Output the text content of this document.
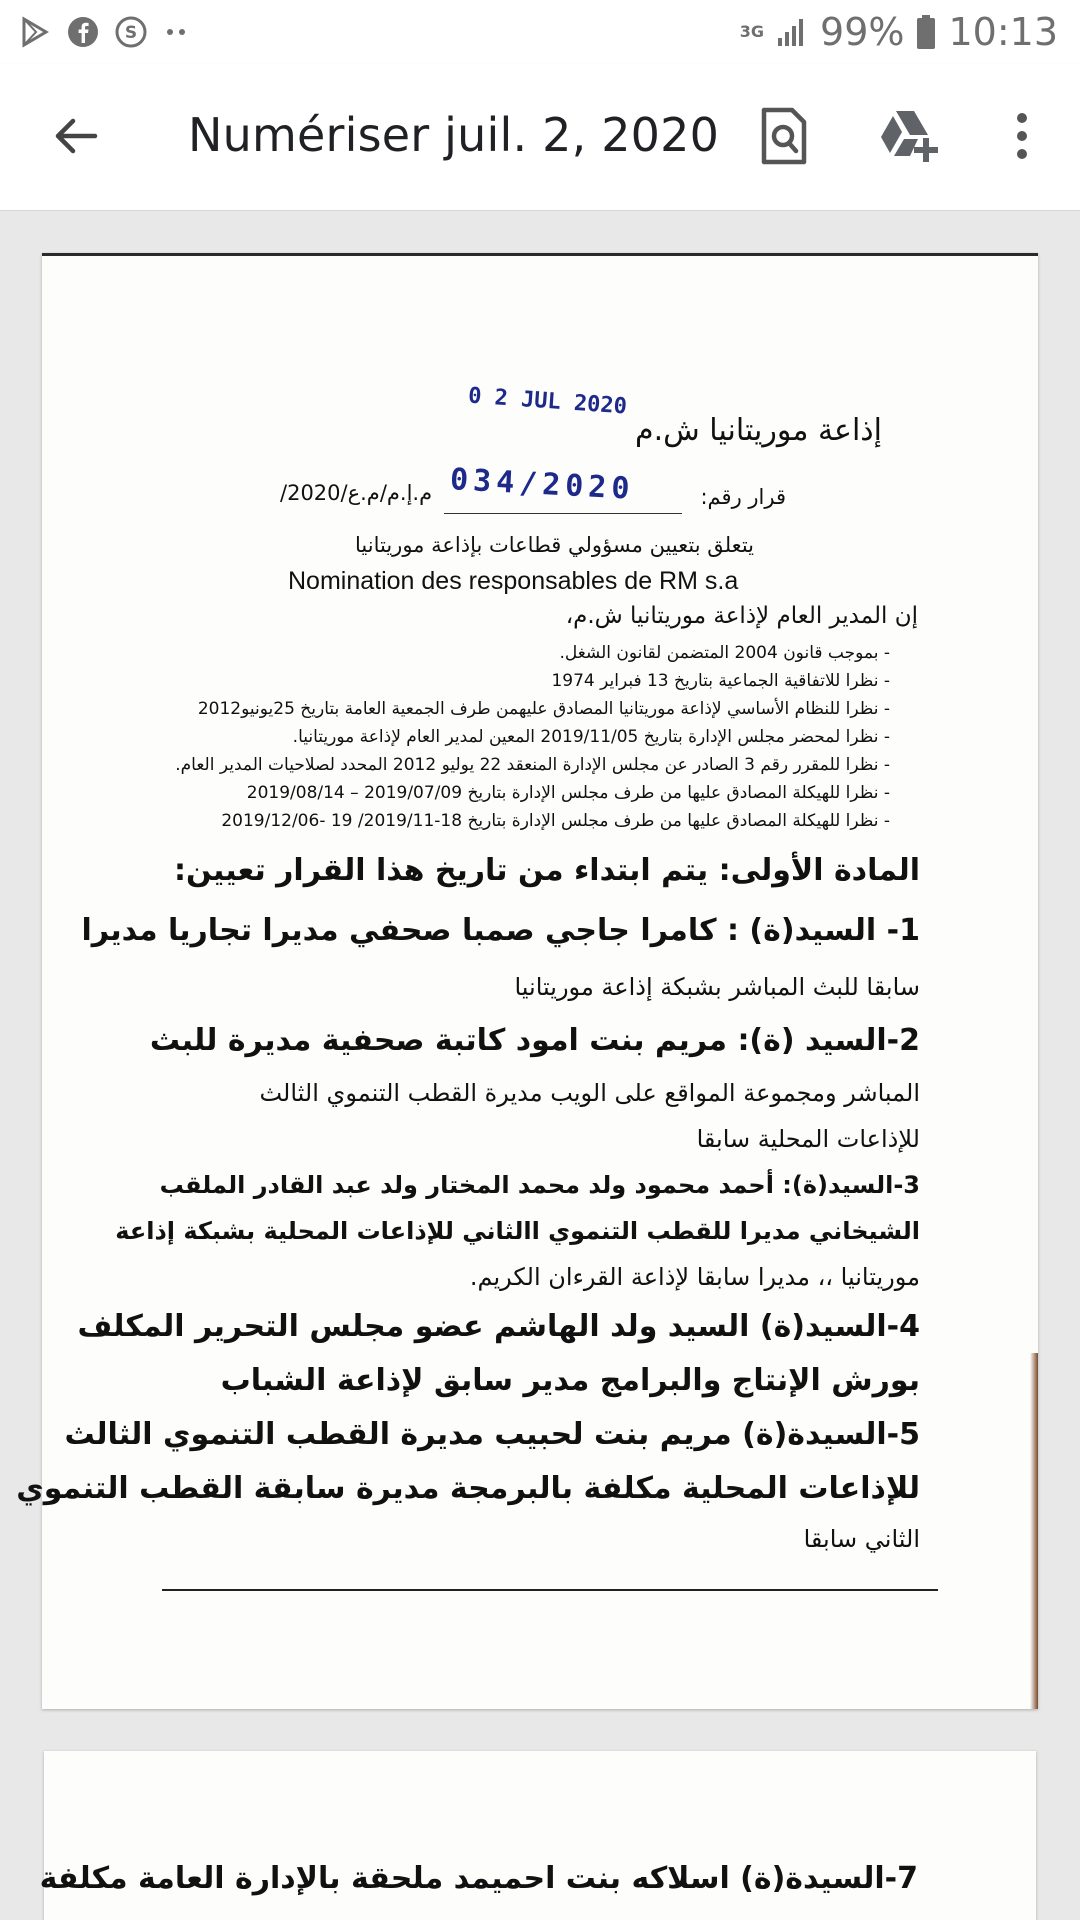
S	3G 99% 10:13
Numériser juil. 2, 2020
0 2 JUL 2020
إذاعة موريتانيا ش.م
قرار رقم:
034/2020
/م.إ.م/م.ع/2020
يتعلق بتعيين مسؤولي قطاعات بإذاعة موريتانيا
Nomination des responsables de RM s.a
إن المدير العام لإذاعة موريتانيا ش.م،
- بموجب قانون 2004 المتضمن لقانون الشغل.
- نظرا للاتفاقية الجماعية بتاريخ 13 فبراير 1974
- نظرا للنظام الأساسي لإذاعة موريتانيا المصادق عليهمن طرف الجمعية العامة بتاريخ 25يونيو2012
- نظرا لمحضر مجلس الإدارة بتاريخ 2019/11/05 المعين لمدير العام لإذاعة موريتانيا.
- نظرا للمقرر رقم 3 الصادر عن مجلس الإدارة المنعقد 22 يوليو 2012 المحدد لصلاحيات المدير العام.
- نظرا للهيكلة المصادق عليها من طرف مجلس الإدارة بتاريخ 2019/07/09 – 2019/08/14
- نظرا للهيكلة المصادق عليها من طرف مجلس الإدارة بتاريخ 18-2019/11/ 19 -2019/12/06
المادة الأولى: يتم ابتداء من تاريخ هذا القرار تعيين:
1- السيد(ة) : كامرا جاجي صمبا صحفي مديرا تجاريا مديرا
سابقا للبث المباشر بشبكة إذاعة موريتانيا
2-السيد (ة): مريم بنت امود كاتبة صحفية مديرة للبث
المباشر ومجموعة المواقع على الويب مديرة القطب التنموي الثالث
للإذاعات المحلية سابقا
3-السيد(ة): أحمد محمود ولد محمد المختار ولد عبد القادر الملقب
الشيخاني مديرا للقطب التنموي االثاني للإذاعات المحلية بشبكة إذاعة
موريتانيا ،، مديرا سابقا لإذاعة القرءان الكريم.
4-السيد(ة) السيد ولد الهاشم عضو مجلس التحرير المكلف
بورش الإنتاج والبرامج مدير سابق لإذاعة الشباب
5-السيدة(ة) مريم بنت لحبيب مديرة القطب التنموي الثالث
للإذاعات المحلية مكلفة بالبرمجة مديرة سابقة القطب التنموي
الثاني سابقا
7-السيدة(ة) اسلاكه بنت احميمد ملحقة بالإدارة العامة مكلفة
